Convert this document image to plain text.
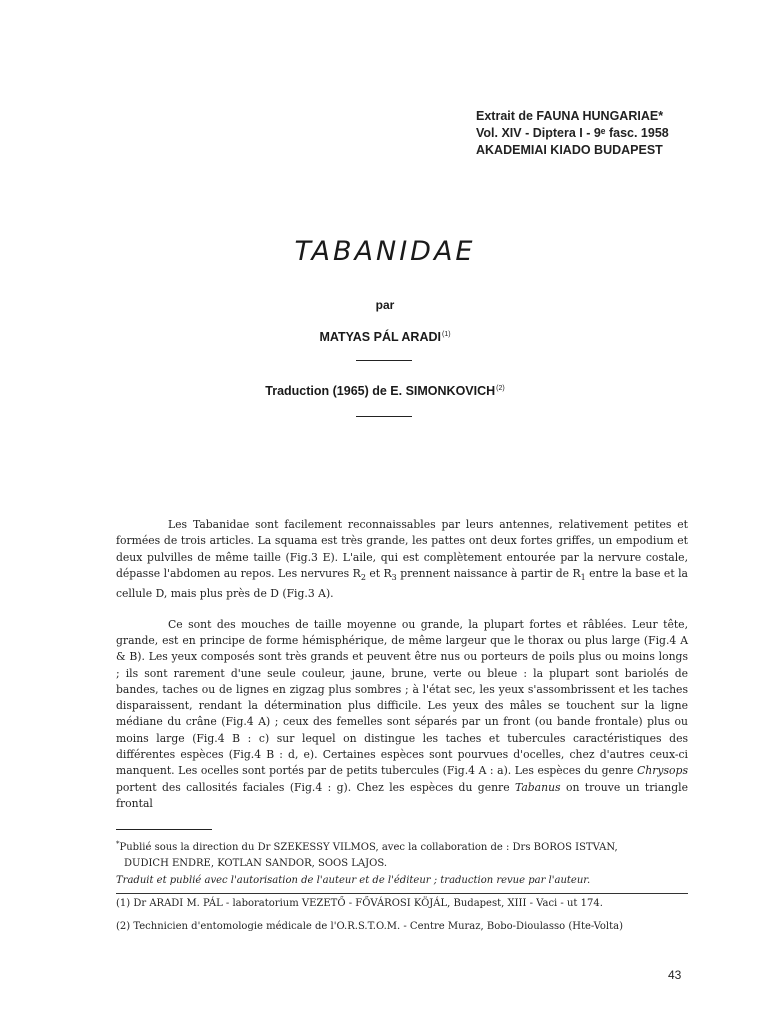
Extrait de FAUNA HUNGARIAE*
Vol. XIV - Diptera I - 9ᵉ fasc. 1958
AKADEMIAI KIADO BUDAPEST
TABANIDAE
par
MATYAS PÁL ARADI$^{(1)}$
Traduction (1965) de E. SIMONKOVICH$^{(2)}$

Les Tabanidae sont facilement reconnaissables par leurs antennes, relativement petites et formées de trois articles. La squama est très grande, les pattes ont deux fortes griffes, un empodium et deux pulvilles de même taille (Fig.3 E). L'aile, qui est complètement entourée par la nervure costale, dépasse l'abdomen au repos. Les nervures $R_2$ et $R_3$ prennent naissance à partir de $R_1$ entre la base et la cellule D, mais plus près de D (Fig.3 A).

Ce sont des mouches de taille moyenne ou grande, la plupart fortes et râblées. Leur tête, grande, est en principe de forme hémisphérique, de même largeur que le thorax ou plus large (Fig.4 A & B). Les yeux composés sont très grands et peuvent être nus ou porteurs de poils plus ou moins longs ; ils sont rarement d'une seule couleur, jaune, brune, verte ou bleue : la plupart sont bariolés de bandes, taches ou de lignes en zigzag plus sombres ; à l'état sec, les yeux s'assombrissent et les taches disparaissent, rendant la détermination plus difficile. Les yeux des mâles se touchent sur la ligne médiane du crâne (Fig.4 A) ; ceux des femelles sont séparés par un front (ou bande frontale) plus ou moins large (Fig.4 B : c) sur lequel on distingue les taches et tubercules caractéristiques des différentes espèces (Fig.4 B : d, e). Certaines espèces sont pourvues d'ocelles, chez d'autres ceux-ci manquent. Les ocelles sont portés par de petits tubercules (Fig.4 A : a). Les espèces du genre Chrysops portent des callosités faciales (Fig.4 : g). Chez les espèces du genre Tabanus on trouve un triangle frontal

*Publié sous la direction du Dr SZEKESSY VILMOS, avec la collaboration de : Drs BOROS ISTVAN,
DUDICH ENDRE, KOTLAN SANDOR, SOOS LAJOS.
Traduit et publié avec l'autorisation de l'auteur et de l'éditeur ; traduction revue par l'auteur.
(1) Dr ARADI M. PÁL - laboratorium VEZETŐ - FŐVÁROSI KÖJÁL, Budapest, XIII - Vaci - ut 174.
(2) Technicien d'entomologie médicale de l'O.R.S.T.O.M. - Centre Muraz, Bobo-Dioulasso (Hte-Volta)
43
